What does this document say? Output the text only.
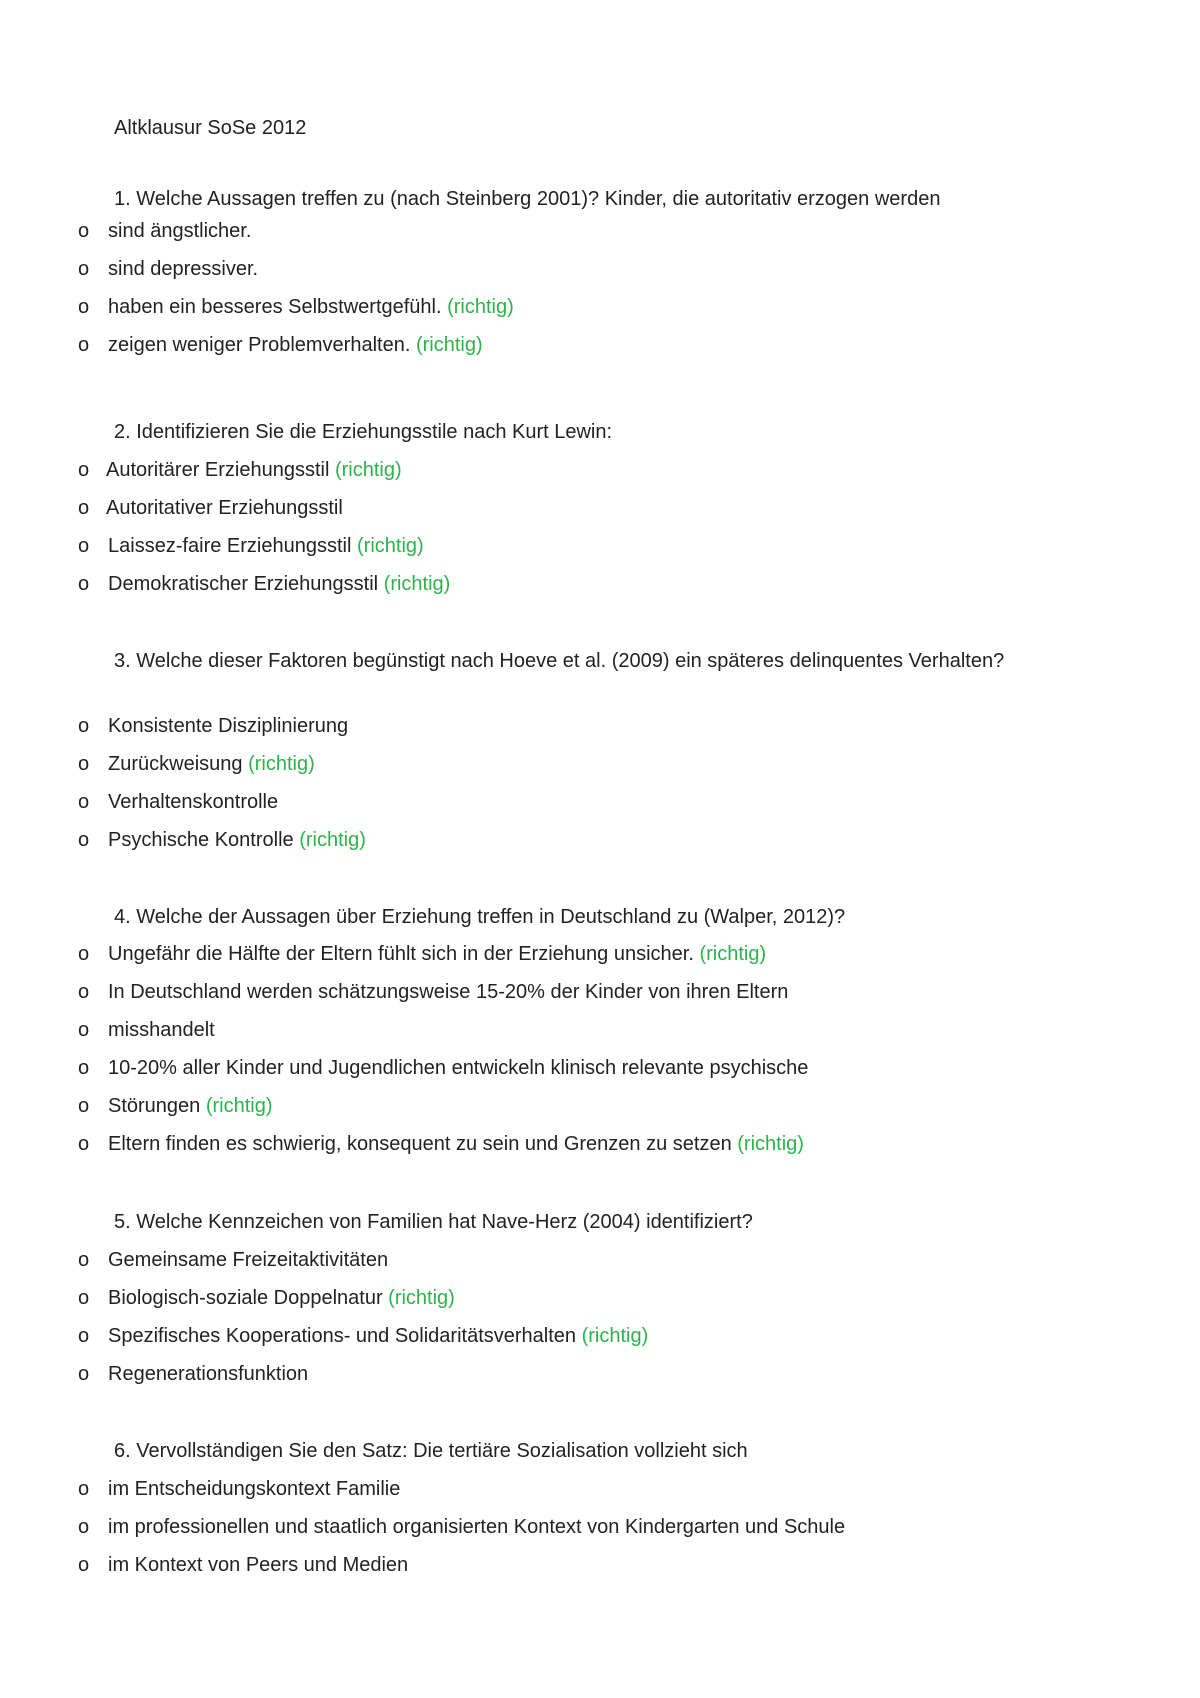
Altklausur SoSe 2012

1. Welche Aussagen treffen zu (nach Steinberg 2001)? Kinder, die autoritativ erzogen werden

o sind ängstlicher.
o sind depressiver.
o haben ein besseres Selbstwertgefühl. (richtig)
o zeigen weniger Problemverhalten. (richtig)

2. Identifizieren Sie die Erziehungsstile nach Kurt Lewin:

o Autoritärer Erziehungsstil (richtig)
o Autoritativer Erziehungsstil
o Laissez-faire Erziehungsstil (richtig)
o Demokratischer Erziehungsstil (richtig)

3. Welche dieser Faktoren begünstigt nach Hoeve et al. (2009) ein späteres delinquentes Verhalten?

o Konsistente Disziplinierung
o Zurückweisung (richtig)
o Verhaltenskontrolle
o Psychische Kontrolle (richtig)

4. Welche der Aussagen über Erziehung treffen in Deutschland zu (Walper, 2012)?

o Ungefähr die Hälfte der Eltern fühlt sich in der Erziehung unsicher. (richtig)
o In Deutschland werden schätzungsweise 15-20% der Kinder von ihren Eltern
o misshandelt
o 10-20% aller Kinder und Jugendlichen entwickeln klinisch relevante psychische
o Störungen (richtig)
o Eltern finden es schwierig, konsequent zu sein und Grenzen zu setzen (richtig)

5. Welche Kennzeichen von Familien hat Nave-Herz (2004) identifiziert?

o Gemeinsame Freizeitaktivitäten
o Biologisch-soziale Doppelnatur (richtig)
o Spezifisches Kooperations- und Solidaritätsverhalten (richtig)
o Regenerationsfunktion

6. Vervollständigen Sie den Satz: Die tertiäre Sozialisation vollzieht sich

o im Entscheidungskontext Familie
o im professionellen und staatlich organisierten Kontext von Kindergarten und Schule
o im Kontext von Peers und Medien
